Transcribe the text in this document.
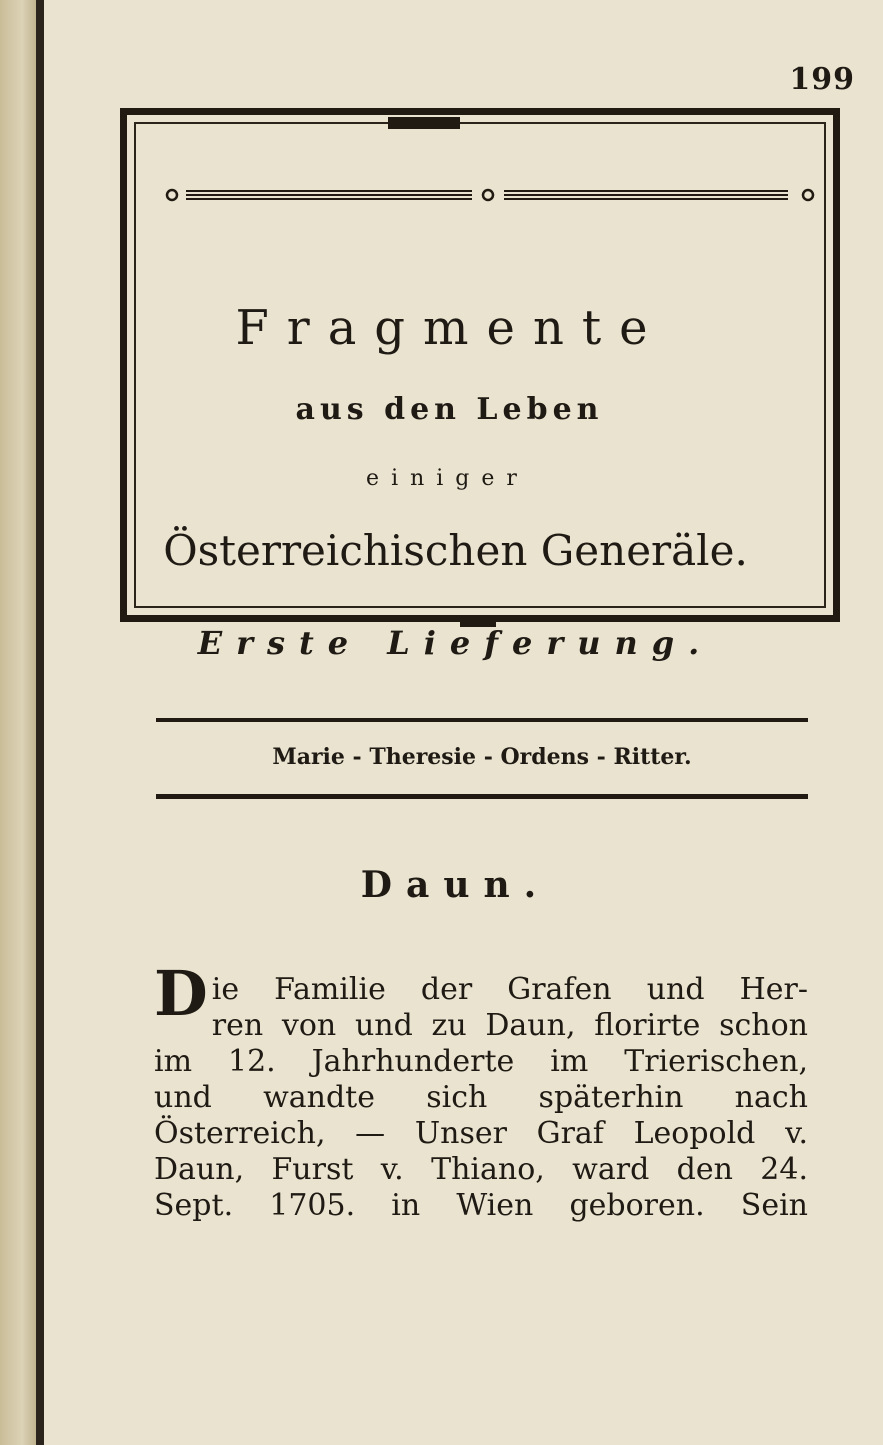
199
Fragmente
aus den Leben
einiger
Österreichischen Generäle.
Erste Lieferung.
Marie - Theresie - Ordens - Ritter.
Daun.

Die Familie der Grafen und Her-

ren von und zu Daun, florirte schon

im 12. Jahrhunderte im Trierischen,

und wandte sich späterhin nach

Österreich, — Unser Graf Leopold v.

Daun, Furst v. Thiano, ward den 24.

Sept. 1705. in Wien geboren. Sein
